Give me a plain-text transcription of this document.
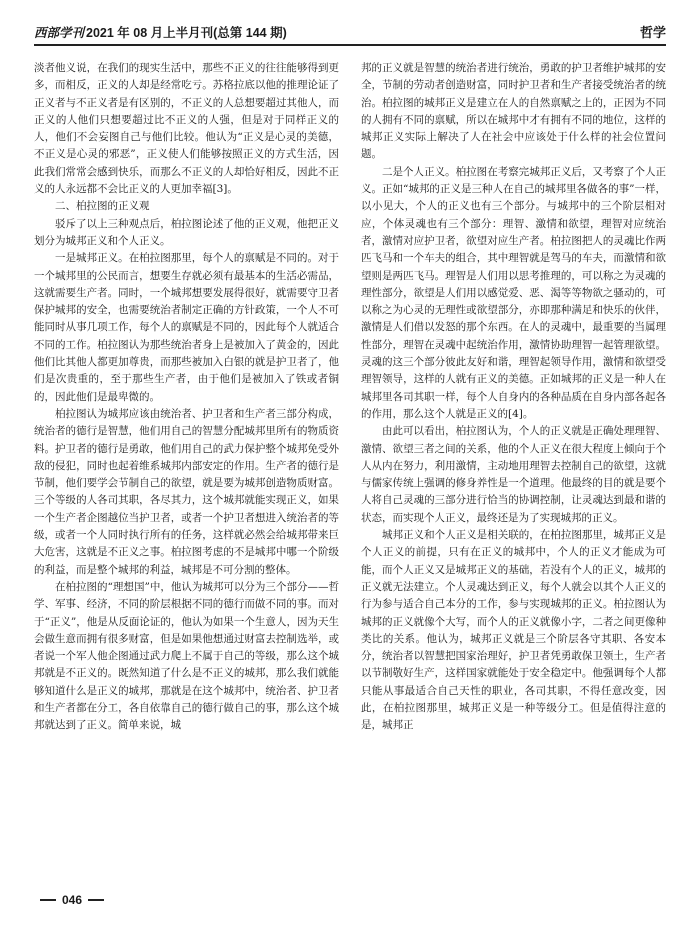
西部学刊 2021 年 08 月上半月刊(总第 144 期)	哲学

淡者他义说，在我们的现实生活中，那些不正义的往往能够得到更多，而相反，正义的人却是经常吃亏。苏格拉底以他的推理论证了正义者与不正义者是有区别的，不正义的人总想要超过其他人，而正义的人他们只想要超过比不正义的人强，但是对于同样正义的人，他们不会妄图自己与他们比较。他认为“正义是心灵的美德，不正义是心灵的邪恶”，正义使人们能够按照正义的方式生活，因此我们常常会感到快乐，而那么不正义的人却恰好相反，因此不正义的人永远都不会比正义的人更加幸福[3]。

二、柏拉图的正义观

驳斥了以上三种观点后，柏拉图论述了他的正义观，他把正义划分为城邦正义和个人正义。

一是城邦正义。在柏拉图那里，每个人的禀赋是不同的。对于一个城邦里的公民而言，想要生存就必须有最基本的生活必需品，这就需要生产者。同时，一个城邦想要发展得很好，就需要守卫者保护城邦的安全，也需要统治者制定正确的方针政策，一个人不可能同时从事几项工作，每个人的禀赋是不同的，因此每个人就适合不同的工作。柏拉图认为那些统治者身上是被加入了黄金的，因此他们比其他人都更加尊贵，而那些被加入白银的就是护卫者了，他们是次贵重的，至于那些生产者，由于他们是被加入了铁或者铜的，因此他们是最卑微的。

柏拉图认为城邦应该由统治者、护卫者和生产者三部分构成，统治者的德行是智慧，他们用自己的智慧分配城邦里所有的物质资料。护卫者的德行是勇敢，他们用自己的武力保护整个城邦免受外敌的侵犯，同时也起着维系城邦内部安定的作用。生产者的德行是节制，他们要学会节制自己的欲望，就是要为城邦创造物质财富。三个等级的人各司其职，各尽其力，这个城邦就能实现正义，如果一个生产者企图越位当护卫者，或者一个护卫者想进入统治者的等级，或者一个人同时执行所有的任务，这样就必然会给城邦带来巨大危害，这就是不正义之事。柏拉图考虑的不是城邦中哪一个阶级的利益，而是整个城邦的利益，城邦是不可分割的整体。

在柏拉图的“理想国”中，他认为城邦可以分为三个部分——哲学、军事、经济，不同的阶层根据不同的德行而做不同的事。而对于“正义”，他是从反面论证的，他认为如果一个生意人，因为天生会做生意而拥有很多财富，但是如果他想通过财富去控制选举，或者说一个军人他企图通过武力爬上不属于自己的等级，那么这个城邦就是不正义的。既然知道了什么是不正义的城邦，那么我们就能够知道什么是正义的城邦，那就是在这个城邦中，统治者、护卫者和生产者都在分工，各自依靠自己的德行做自己的事，那么这个城邦就达到了正义。简单来说，城

邦的正义就是智慧的统治者进行统治，勇敢的护卫者维护城邦的安全，节制的劳动者创造财富，同时护卫者和生产者接受统治者的统治。柏拉图的城邦正义是建立在人的自然禀赋之上的，正因为不同的人拥有不同的禀赋，所以在城邦中才有拥有不同的地位，这样的城邦正义实际上解决了人在社会中应该处于什么样的社会位置问题。

二是个人正义。柏拉图在考察完城邦正义后，又考察了个人正义。正如“城邦的正义是三种人在自己的城邦里各做各的事”一样，以小见大，个人的正义也有三个部分。与城邦中的三个阶层相对应，个体灵魂也有三个部分：理智、激情和欲望，理智对应统治者，激情对应护卫者，欲望对应生产者。柏拉图把人的灵魂比作两匹飞马和一个车夫的组合，其中理智就是驾马的车夫，而激情和欲望则是两匹飞马。理智是人们用以思考推理的，可以称之为灵魂的理性部分，欲望是人们用以感觉爱、恶、渴等等物欲之骚动的，可以称之为心灵的无理性或欲望部分，亦即那种满足和快乐的伙伴，激情是人们借以发怒的那个东西。在人的灵魂中，最重要的当属理性部分，理智在灵魂中起统治作用，激情协助理智一起管理欲望。灵魂的这三个部分彼此友好和谐，理智起领导作用，激情和欲望受理智领导，这样的人就有正义的美德。正如城邦的正义是一种人在城邦里各司其职一样，每个人自身内的各种品质在自身内部各起各的作用，那么这个人就是正义的[4]。

由此可以看出，柏拉图认为，个人的正义就是正确处理理智、激情、欲望三者之间的关系，他的个人正义在很大程度上倾向于个人从内在努力，利用激情，主动地用理智去控制自己的欲望，这就与儒家传统上强调的修身养性是一个道理。他最终的目的就是要个人将自己灵魂的三部分进行恰当的协调控制，让灵魂达到最和谐的状态，而实现个人正义，最终还是为了实现城邦的正义。

城邦正义和个人正义是相关联的，在柏拉图那里，城邦正义是个人正义的前提，只有在正义的城邦中，个人的正义才能成为可能，而个人正义又是城邦正义的基础，若没有个人的正义，城邦的正义就无法建立。个人灵魂达到正义，每个人就会以其个人正义的行为参与适合自己本分的工作，参与实现城邦的正义。柏拉图认为城邦的正义就像个大写，而个人的正义就像小字，二者之间更像种类比的关系。他认为，城邦正义就是三个阶层各守其职、各安本分，统治者以智慧把国家治理好，护卫者凭勇敢保卫领土，生产者以节制敬好生产，这样国家就能处于安全稳定中。他强调每个人都只能从事最适合自己天性的职业，各司其职，不得任意改变，因此，在柏拉图那里，城邦正义是一种等级分工。但是值得注意的是，城邦正

046
